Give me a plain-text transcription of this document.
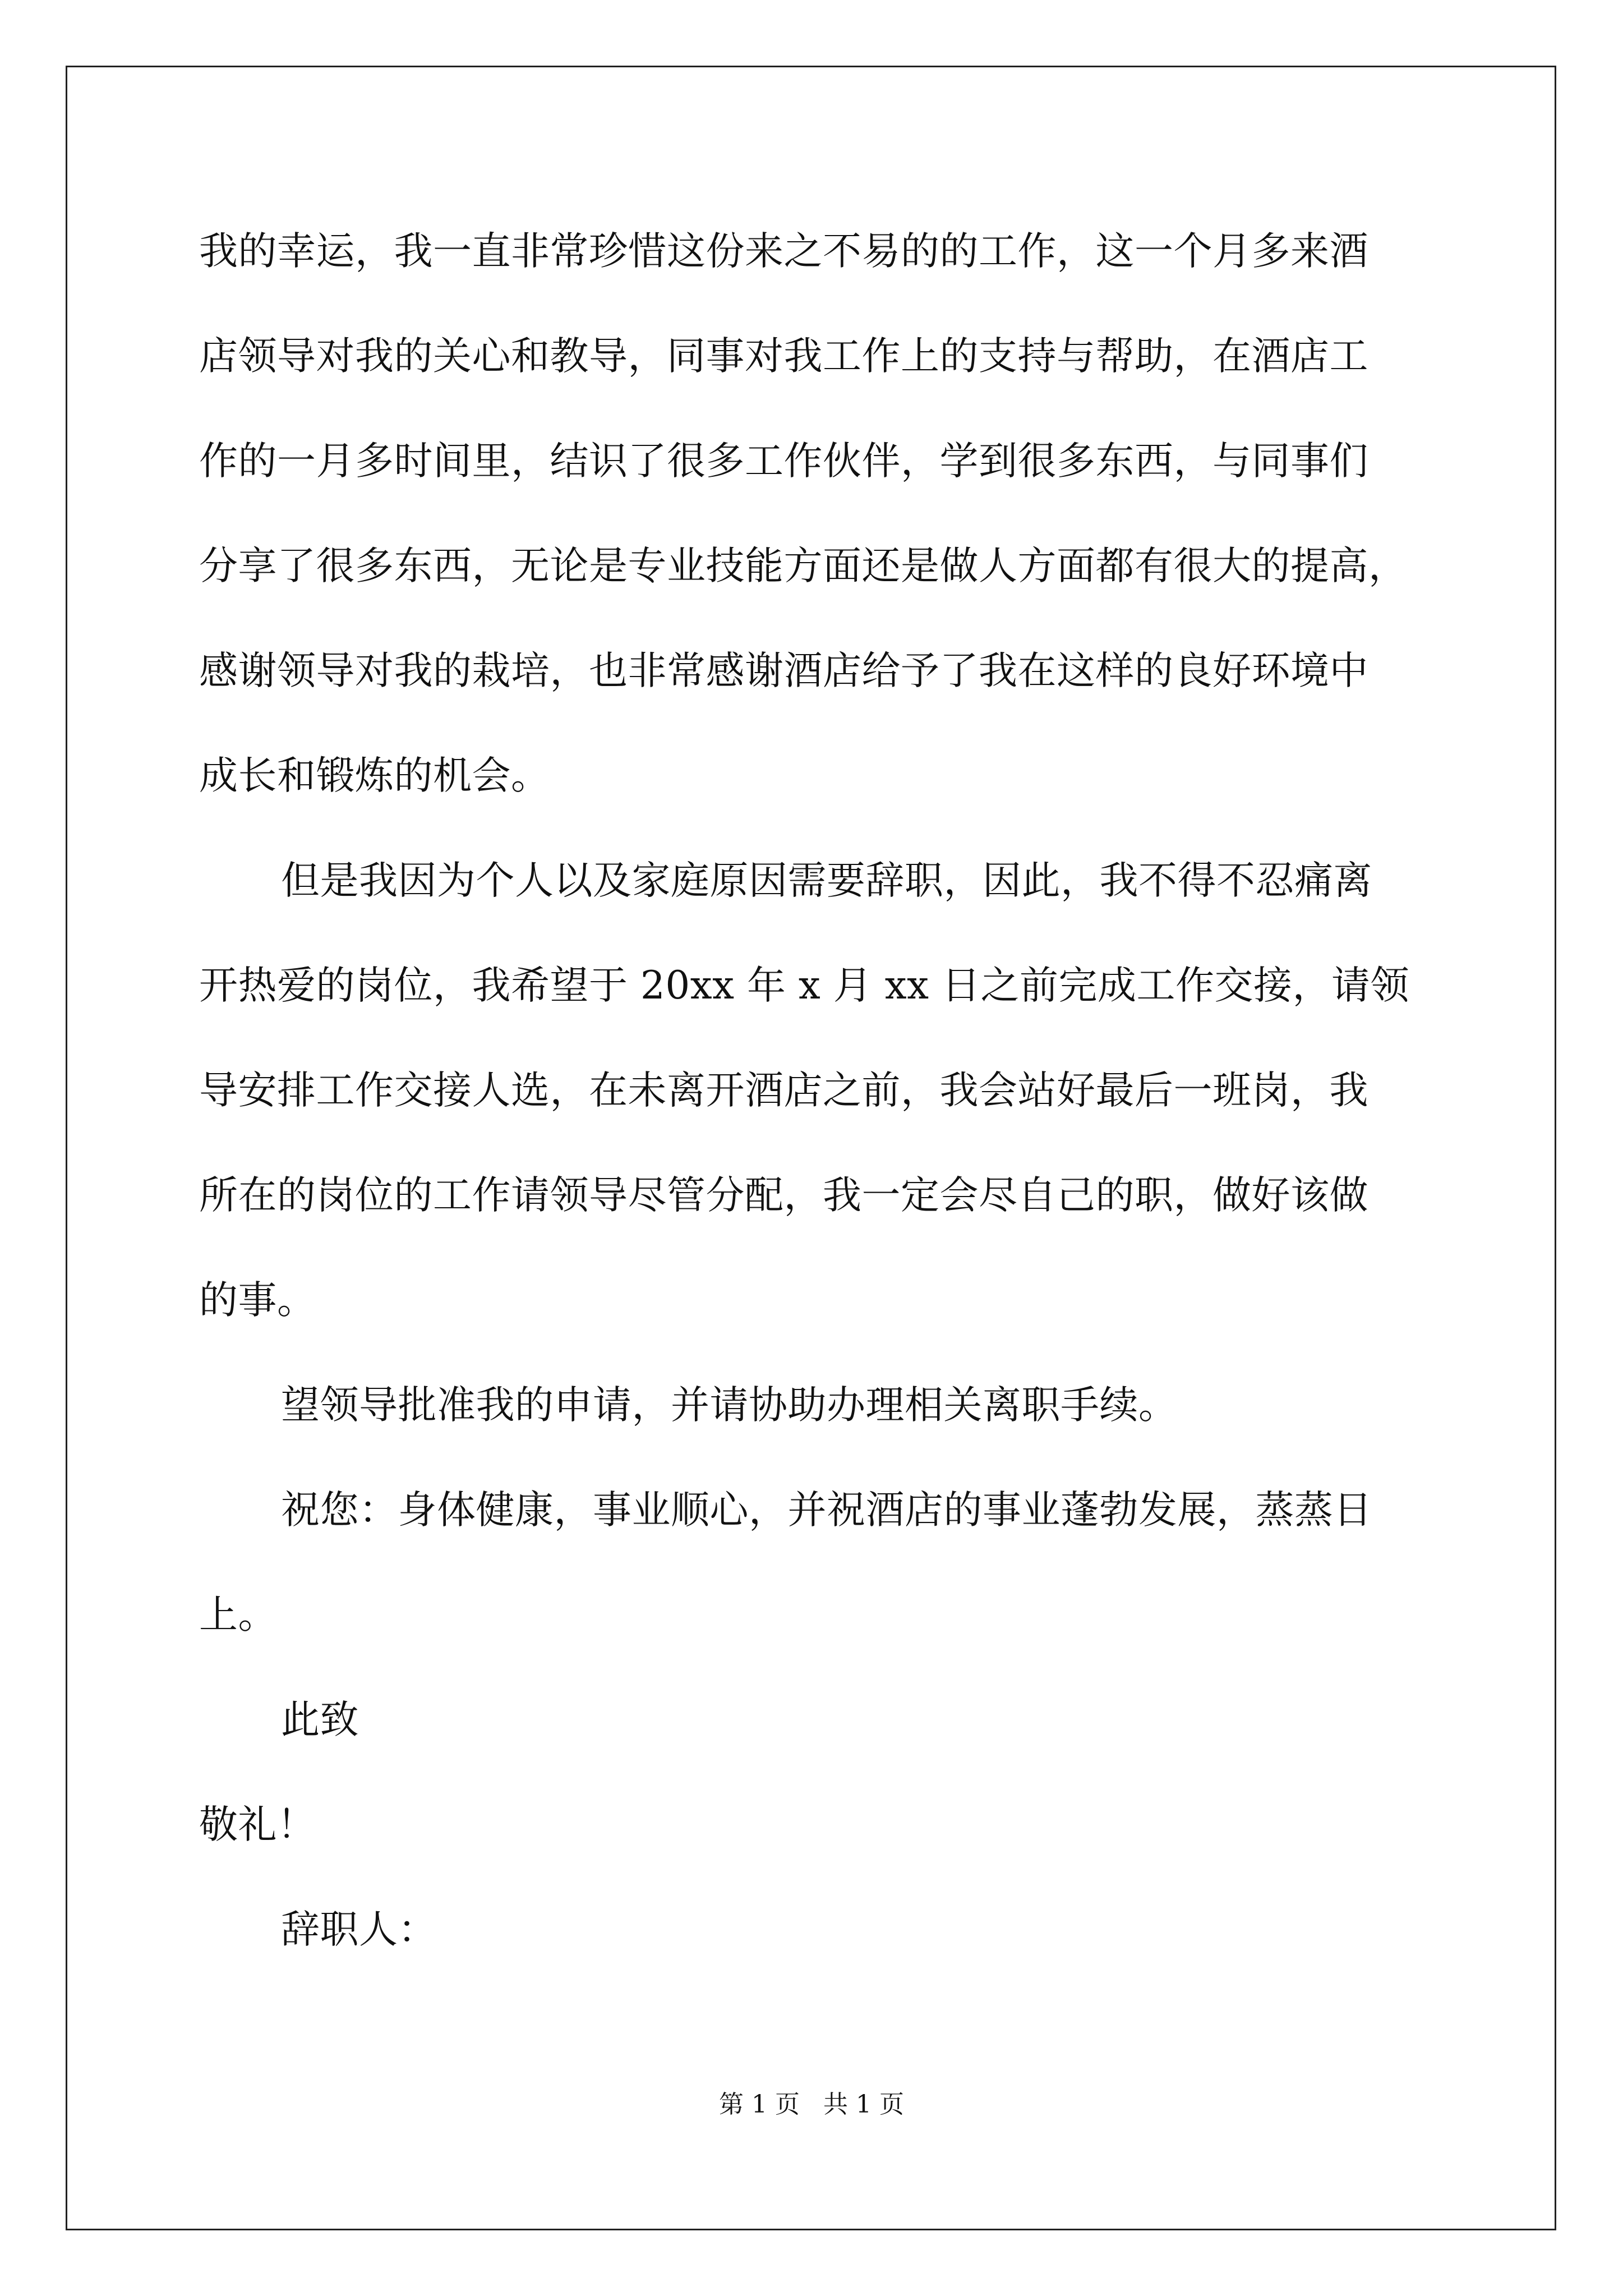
我的幸运，我一直非常珍惜这份来之不易的的工作，这一个月多来酒
店领导对我的关心和教导，同事对我工作上的支持与帮助，在酒店工
作的一月多时间里，结识了很多工作伙伴，学到很多东西，与同事们
分享了很多东西，无论是专业技能方面还是做人方面都有很大的提高，
感谢领导对我的栽培，也非常感谢酒店给予了我在这样的良好环境中
成长和锻炼的机会。
但是我因为个人以及家庭原因需要辞职，因此，我不得不忍痛离
开热爱的岗位，我希望于 20xx 年 x 月 xx 日之前完成工作交接，请领
导安排工作交接人选，在未离开酒店之前，我会站好最后一班岗，我
所在的岗位的工作请领导尽管分配，我一定会尽自己的职，做好该做
的事。
望领导批准我的申请，并请协助办理相关离职手续。
祝您：身体健康，事业顺心，并祝酒店的事业蓬勃发展，蒸蒸日
上。
此致
敬礼！
辞职人：
第 1 页   共 1 页
